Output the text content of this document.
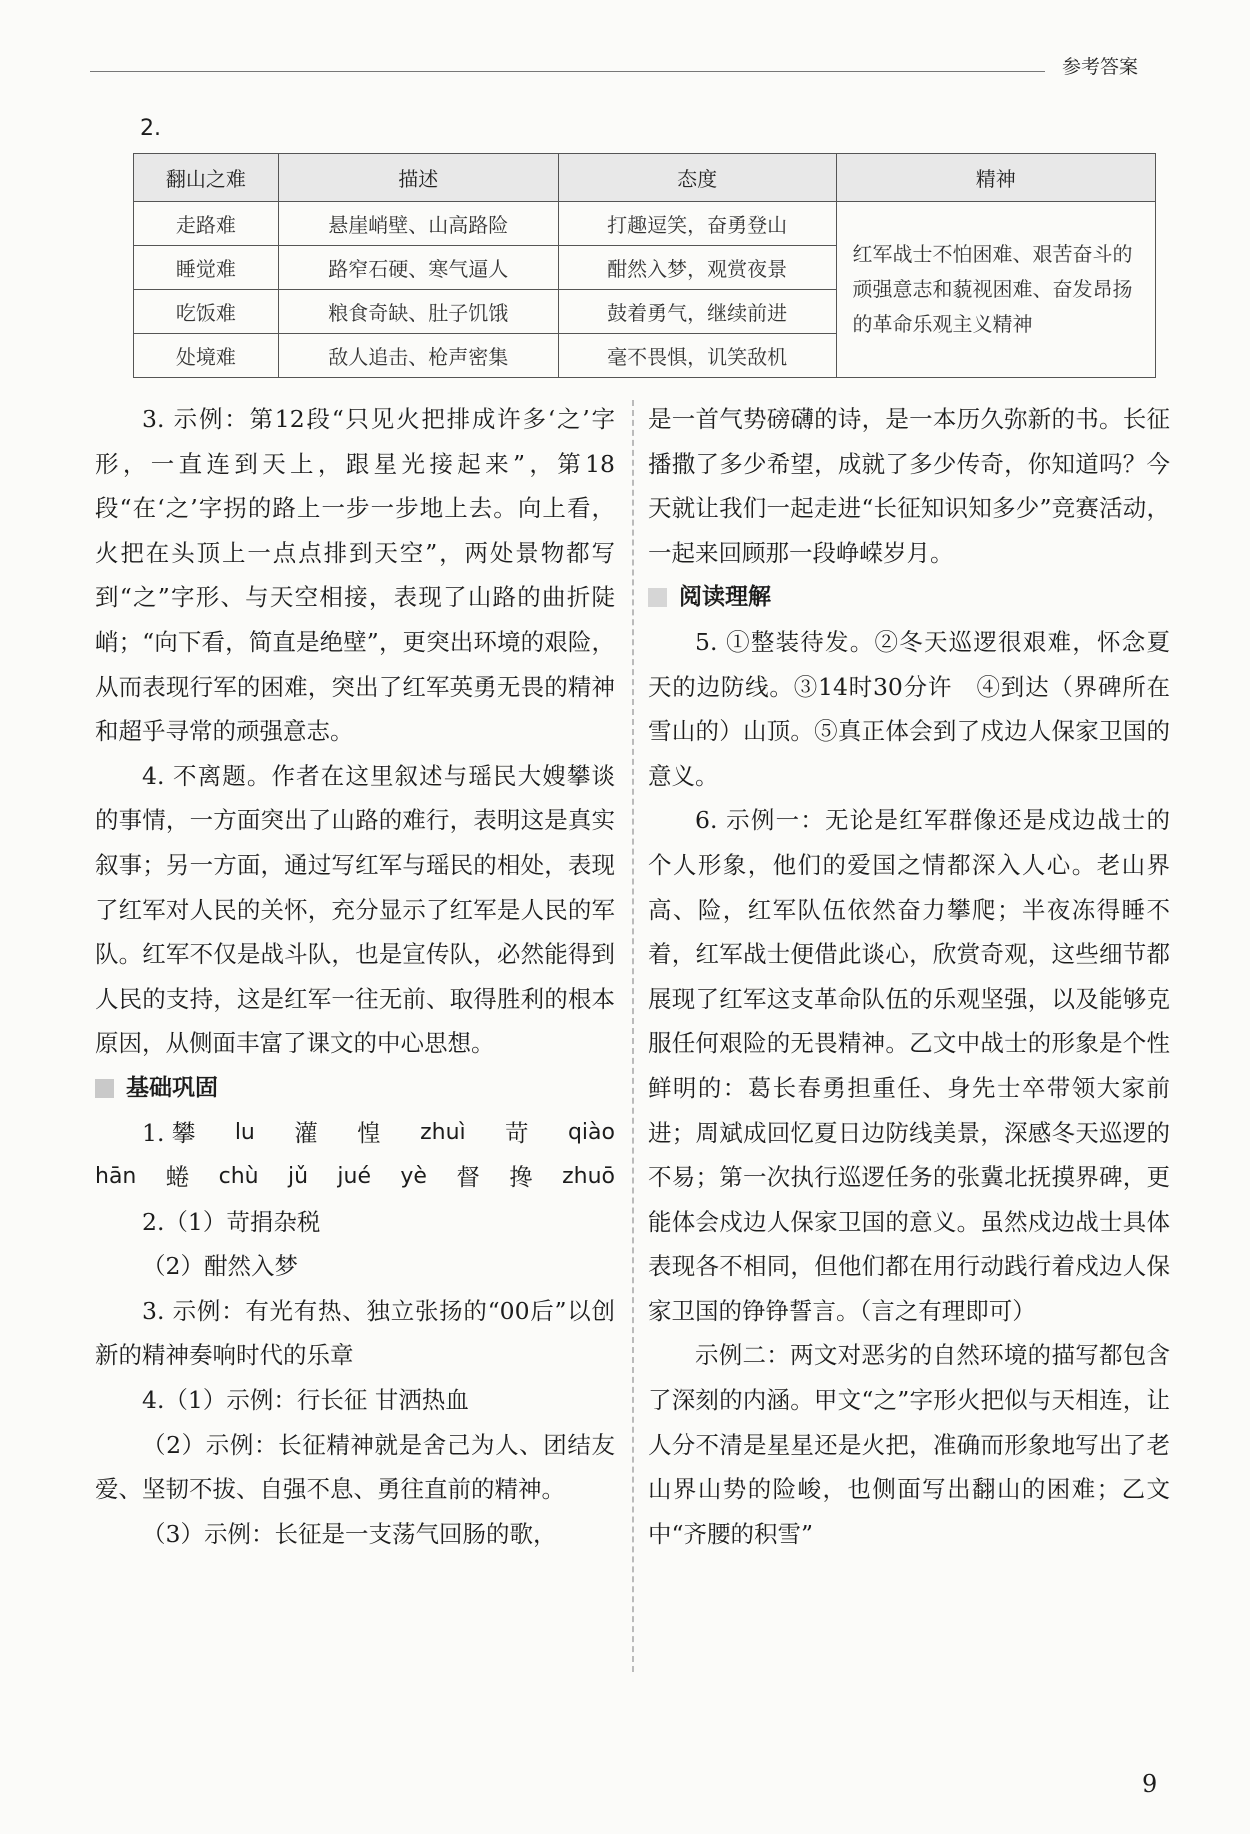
参考答案
2.
翻山之难	描述	态度	精神
走路难	悬崖峭壁、山高路险	打趣逗笑，奋勇登山	红军战士不怕困难、艰苦奋斗的顽强意志和藐视困难、奋发昂扬的革命乐观主义精神
睡觉难	路窄石硬、寒气逼人	酣然入梦，观赏夜景	
吃饭难	粮食奇缺、肚子饥饿	鼓着勇气，继续前进	
处境难	敌人追击、枪声密集	毫不畏惧，讥笑敌机	

3. 示例：第12段“只见火把排成许多‘之’字形，一直连到天上，跟星光接起来”，第18段“在‘之’字拐的路上一步一步地上去。向上看，火把在头顶上一点点排到天空”，两处景物都写到“之”字形、与天空相接，表现了山路的曲折陡峭；“向下看，简直是绝壁”，更突出环境的艰险，从而表现行军的困难，突出了红军英勇无畏的精神和超乎寻常的顽强意志。

4. 不离题。作者在这里叙述与瑶民大嫂攀谈的事情，一方面突出了山路的难行，表明这是真实叙事；另一方面，通过写红军与瑶民的相处，表现了红军对人民的关怀，充分显示了红军是人民的军队。红军不仅是战斗队，也是宣传队，必然能得到人民的支持，这是红军一往无前、取得胜利的根本原因，从侧面丰富了课文的中心思想。

基础巩固
1. 攀 lu 灌 惶 zhuì 苛 qiào
hān 蜷 chù jǔ jué yè 督 搀 zhuō

2.（1）苛捐杂税

（2）酣然入梦

3. 示例：有光有热、独立张扬的“00后”以创新的精神奏响时代的乐章

4.（1）示例：行长征 甘洒热血

（2）示例：长征精神就是舍己为人、团结友爱、坚韧不拔、自强不息、勇往直前的精神。

（3）示例：长征是一支荡气回肠的歌，

是一首气势磅礴的诗，是一本历久弥新的书。长征播撒了多少希望，成就了多少传奇，你知道吗？今天就让我们一起走进“长征知识知多少”竞赛活动，一起来回顾那一段峥嵘岁月。

阅读理解

5. ①整装待发。②冬天巡逻很艰难，怀念夏天的边防线。③14时30分许　④到达（界碑所在雪山的）山顶。⑤真正体会到了戍边人保家卫国的意义。

6. 示例一：无论是红军群像还是戍边战士的个人形象，他们的爱国之情都深入人心。老山界高、险，红军队伍依然奋力攀爬；半夜冻得睡不着，红军战士便借此谈心，欣赏奇观，这些细节都展现了红军这支革命队伍的乐观坚强，以及能够克服任何艰险的无畏精神。乙文中战士的形象是个性鲜明的：葛长春勇担重任、身先士卒带领大家前进；周斌成回忆夏日边防线美景，深感冬天巡逻的不易；第一次执行巡逻任务的张冀北抚摸界碑，更能体会戍边人保家卫国的意义。虽然戍边战士具体表现各不相同，但他们都在用行动践行着戍边人保家卫国的铮铮誓言。（言之有理即可）

示例二：两文对恶劣的自然环境的描写都包含了深刻的内涵。甲文“之”字形火把似与天相连，让人分不清是星星还是火把，准确而形象地写出了老山界山势的险峻，也侧面写出翻山的困难；乙文中“齐腰的积雪”

9
